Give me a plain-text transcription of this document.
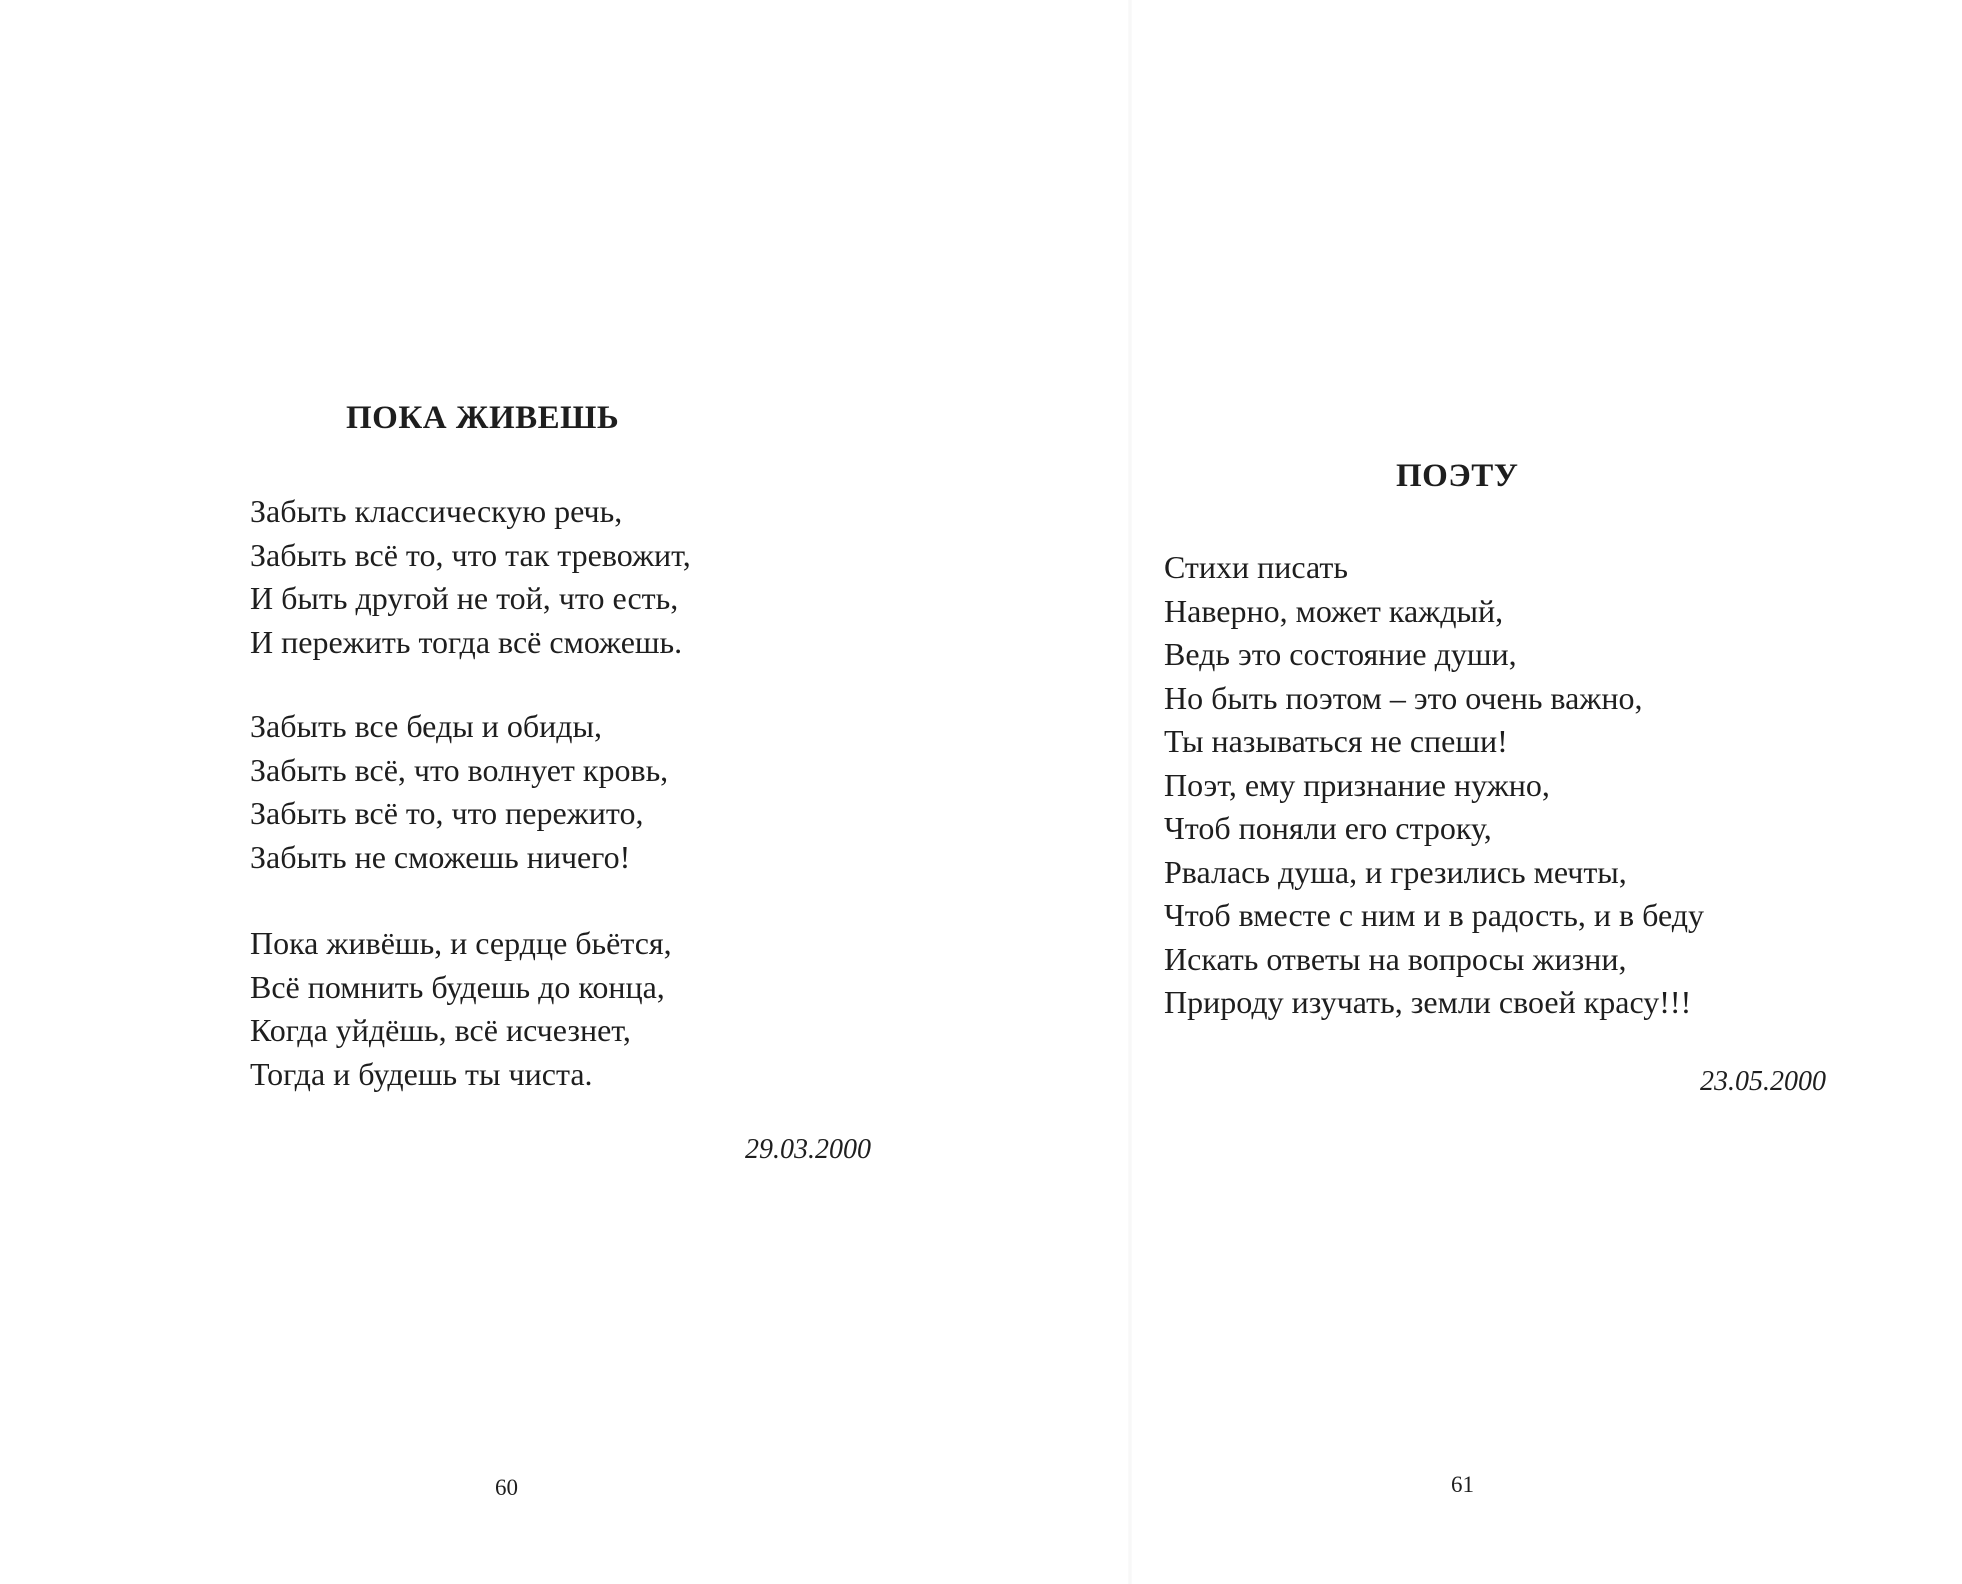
ПОКА ЖИВЕШЬ
Забыть классическую речь,
Забыть всё то, что так тревожит,
И быть другой не той, что есть,
И пережить тогда всё сможешь.
Забыть все беды и обиды,
Забыть всё, что волнует кровь,
Забыть всё то, что пережито,
Забыть не сможешь ничего!
Пока живёшь, и сердце бьётся,
Всё помнить будешь до конца,
Когда уйдёшь, всё исчезнет,
Тогда и будешь ты чиста.

29.03.2000

60

ПОЭТУ
Стихи писать
Наверно, может каждый,
Ведь это состояние души,
Но быть поэтом – это очень важно,
Ты называться не спеши!
Поэт, ему признание нужно,
Чтоб поняли его строку,
Рвалась душа, и грезились мечты,
Чтоб вместе с ним и в радость, и в беду
Искать ответы на вопросы жизни,
Природу изучать, земли своей красу!!!

23.05.2000

61
